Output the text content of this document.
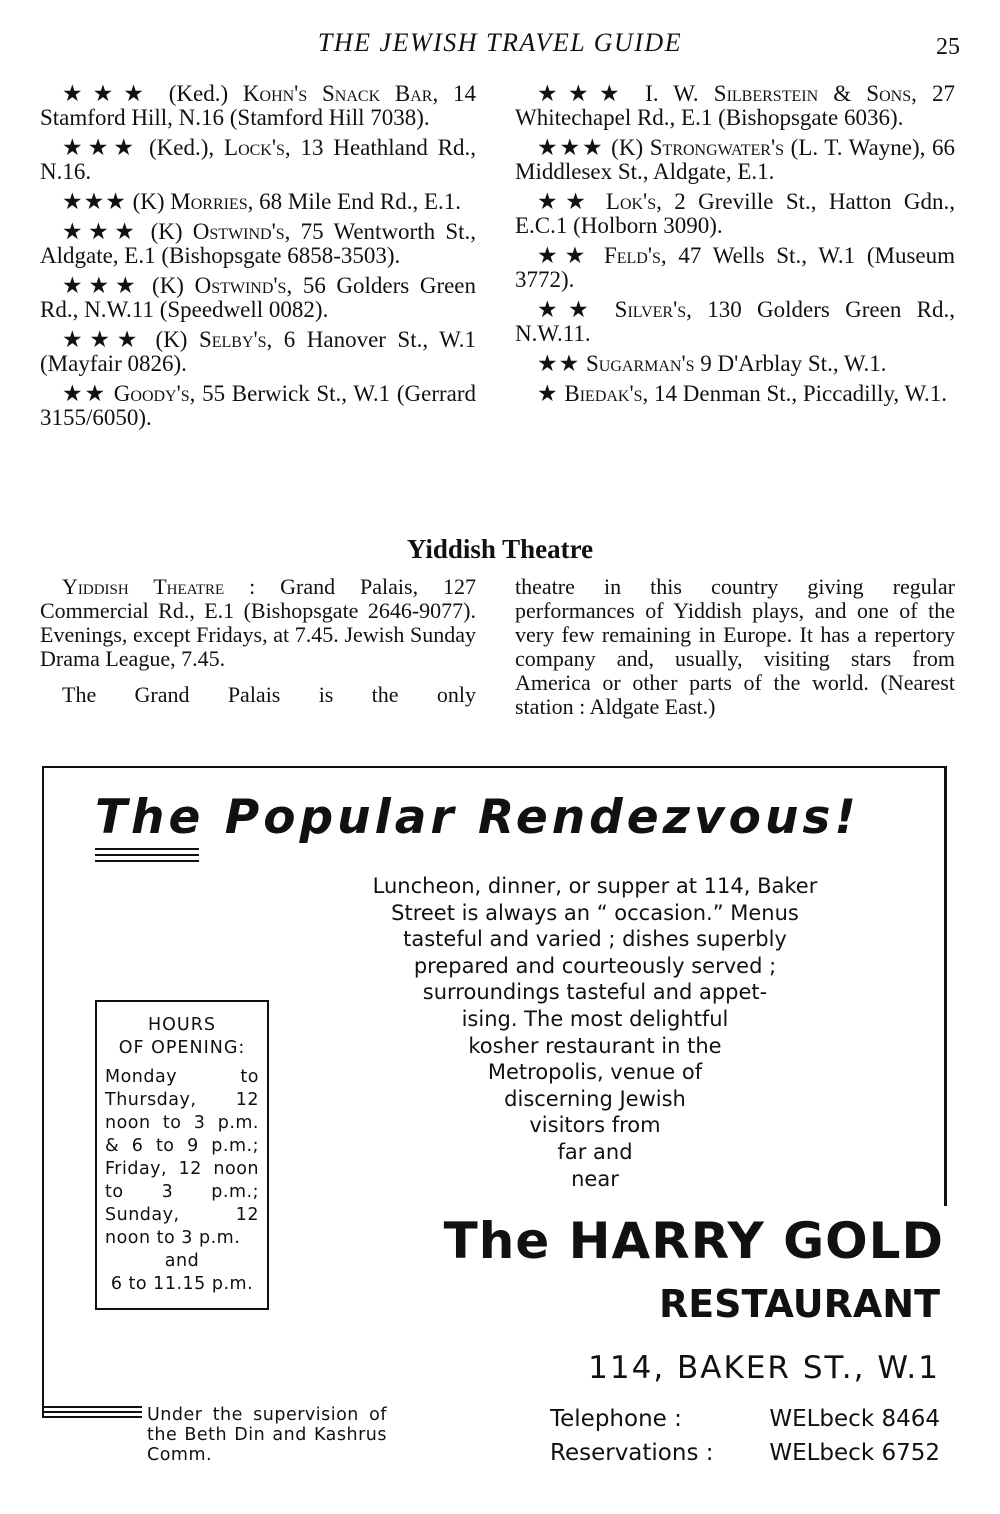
THE JEWISH TRAVEL GUIDE	25

★★★ (Ked.) Kohn's Snack Bar, 14 Stamford Hill, N.16 (Stamford Hill 7038).

★★★ (Ked.), Lock's, 13 Heathland Rd., N.16.

★★★ (K) Morries, 68 Mile End Rd., E.1.

★★★ (K) Ostwind's, 75 Wentworth St., Aldgate, E.1 (Bishopsgate 6858-3503).

★★★ (K) Ostwind's, 56 Golders Green Rd., N.W.11 (Speedwell 0082).

★★★ (K) Selby's, 6 Hanover St., W.1 (Mayfair 0826).

★★ Goody's, 55 Berwick St., W.1 (Gerrard 3155/6050).

★★★ I. W. Silberstein & Sons, 27 Whitechapel Rd., E.1 (Bishopsgate 6036).

★★★ (K) Strongwater's (L. T. Wayne), 66 Middlesex St., Aldgate, E.1.

★★ Lok's, 2 Greville St., Hatton Gdn., E.C.1 (Holborn 3090).

★★ Feld's, 47 Wells St., W.1 (Museum 3772).

★★ Silver's, 130 Golders Green Rd., N.W.11.

★★ Sugarman's 9 D'Arblay St., W.1.

★ Biedak's, 14 Denman St., Piccadilly, W.1.

Yiddish Theatre

Yiddish Theatre : Grand Palais, 127 Commercial Rd., E.1 (Bishopsgate 2646-9077). Evenings, except Fridays, at 7.45. Jewish Sunday Drama League, 7.45.

The Grand Palais is the only

theatre in this country giving regular performances of Yiddish plays, and one of the very few remaining in Europe. It has a repertory company and, usually, visiting stars from America or other parts of the world. (Nearest station : Aldgate East.)
The Popular Rendezvous!
Luncheon, dinner, or supper at 114, Baker
Street is always an “ occasion.” Menus
tasteful and varied ; dishes superbly
prepared and courteously served ;
surroundings tasteful and appet-
ising. The most delightful
kosher restaurant in the
Metropolis, venue of
discerning Jewish
visitors from
far and
near
HOURS
OF OPENING:
Monday to Thursday, 12 noon to 3 p.m. & 6 to 9 p.m.; Friday, 12 noon to 3 p.m.; Sunday, 12 noon to 3 p.m.
and
6 to 11.15 p.m.
The HARRY GOLD
RESTAURANT
114, BAKER ST., W.1
Telephone :	WELbeck 8464
Reservations :	WELbeck 6752
Under the supervision of the Beth Din and Kashrus Comm.
